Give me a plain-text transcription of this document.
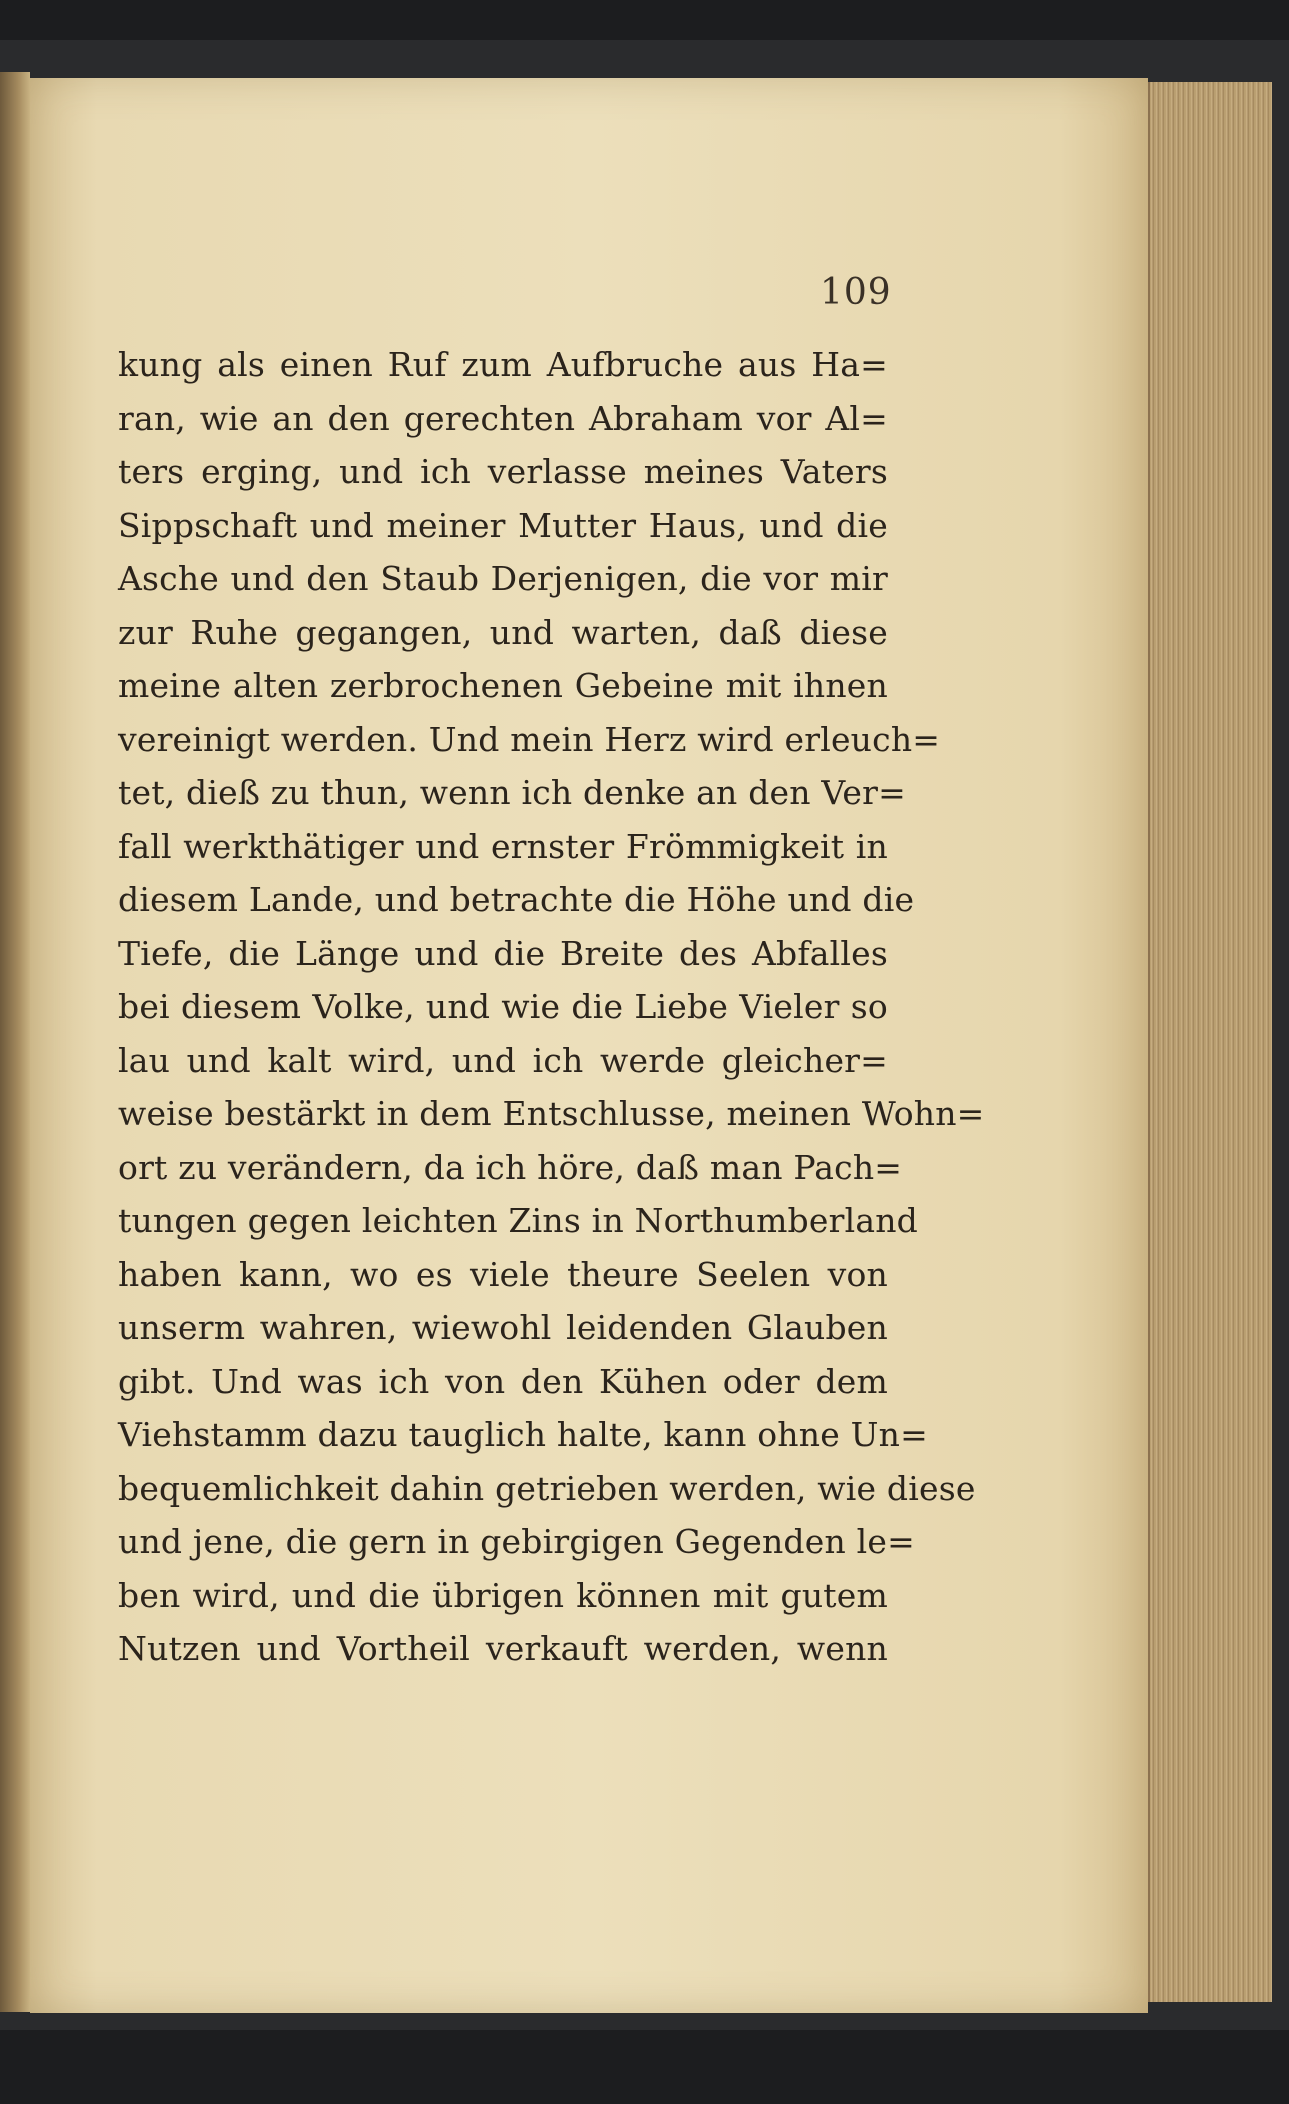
109
kung als einen Ruf zum Aufbruche aus Ha=
ran, wie an den gerechten Abraham vor Al=
ters erging, und ich verlasse meines Vaters
Sippschaft und meiner Mutter Haus, und die
Asche und den Staub Derjenigen, die vor mir
zur Ruhe gegangen, und warten, daß diese
meine alten zerbrochenen Gebeine mit ihnen
vereinigt werden. Und mein Herz wird erleuch=
tet, dieß zu thun, wenn ich denke an den Ver=
fall werkthätiger und ernster Frömmigkeit in
diesem Lande, und betrachte die Höhe und die
Tiefe, die Länge und die Breite des Abfalles
bei diesem Volke, und wie die Liebe Vieler so
lau und kalt wird, und ich werde gleicher=
weise bestärkt in dem Entschlusse, meinen Wohn=
ort zu verändern, da ich höre, daß man Pach=
tungen gegen leichten Zins in Northumberland
haben kann, wo es viele theure Seelen von
unserm wahren, wiewohl leidenden Glauben
gibt. Und was ich von den Kühen oder dem
Viehstamm dazu tauglich halte, kann ohne Un=
bequemlichkeit dahin getrieben werden, wie diese
und jene, die gern in gebirgigen Gegenden le=
ben wird, und die übrigen können mit gutem
Nutzen und Vortheil verkauft werden, wenn
